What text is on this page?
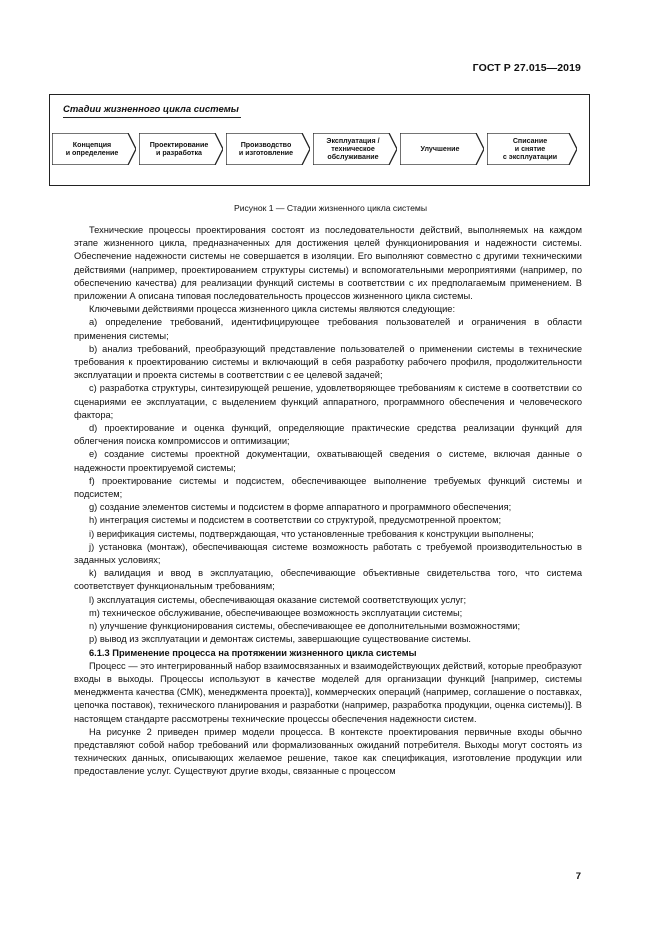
ГОСТ Р 27.015—2019
Стадии жизненного цикла системы
Концепция
и определение
Проектирование
и разработка
Производство
и изготовление
Эксплуатация /
техническое
обслуживание
Улучшение
Списание
и снятие
с эксплуатации
Рисунок 1 — Стадии жизненного цикла системы

Технические процессы проектирования состоят из последовательности действий, выполняемых на каждом этапе жизненного цикла, предназначенных для достижения целей функционирования и надежности системы. Обеспечение надежности системы не совершается в изоляции. Его выполняют совместно с другими техническими действиями (например, проектированием структуры системы) и вспомогательными мероприятиями (например, по обеспечению качества) для реализации функций системы в соответствии с их предполагаемым применением. В приложении А описана типовая последовательность процессов жизненного цикла системы.

Ключевыми действиями процесса жизненного цикла системы являются следующие:

a) определение требований, идентифицирующее требования пользователей и ограничения в области применения системы;

b) анализ требований, преобразующий представление пользователей о применении системы в технические требования к проектированию системы и включающий в себя разработку рабочего профиля, продолжительности эксплуатации и проекта системы в соответствии с ее целевой задачей;

c) разработка структуры, синтезирующей решение, удовлетворяющее требованиям к системе в соответствии со сценариями ее эксплуатации, с выделением функций аппаратного, программного обеспечения и человеческого фактора;

d) проектирование и оценка функций, определяющие практические средства реализации функций для облегчения поиска компромиссов и оптимизации;

e) создание системы проектной документации, охватывающей сведения о системе, включая данные о надежности проектируемой системы;

f) проектирование системы и подсистем, обеспечивающее выполнение требуемых функций системы и подсистем;

g) создание элементов системы и подсистем в форме аппаратного и программного обеспечения;

h) интеграция системы и подсистем в соответствии со структурой, предусмотренной проектом;

i) верификация системы, подтверждающая, что установленные требования к конструкции выполнены;

j) установка (монтаж), обеспечивающая системе возможность работать с требуемой производительностью в заданных условиях;

k) валидация и ввод в эксплуатацию, обеспечивающие объективные свидетельства того, что система соответствует функциональным требованиям;

l) эксплуатация системы, обеспечивающая оказание системой соответствующих услуг;

m) техническое обслуживание, обеспечивающее возможность эксплуатации системы;

n) улучшение функционирования системы, обеспечивающее ее дополнительными возможностями;

p) вывод из эксплуатации и демонтаж системы, завершающие существование системы.

6.1.3 Применение процесса на протяжении жизненного цикла системы

Процесс — это интегрированный набор взаимосвязанных и взаимодействующих действий, которые преобразуют входы в выходы. Процессы используют в качестве моделей для организации функций [например, системы менеджмента качества (СМК), менеджмента проекта)], коммерческих операций (например, соглашение о поставках, цепочка поставок), технического планирования и разработки (например, разработка продукции, оценка системы)]. В настоящем стандарте рассмотрены технические процессы обеспечения надежности систем.

На рисунке 2 приведен пример модели процесса. В контексте проектирования первичные входы обычно представляют собой набор требований или формализованных ожиданий потребителя. Выходы могут состоять из технических данных, описывающих желаемое решение, такое как спецификация, изготовление продукции или предоставление услуг. Существуют другие входы, связанные с процессом

7
